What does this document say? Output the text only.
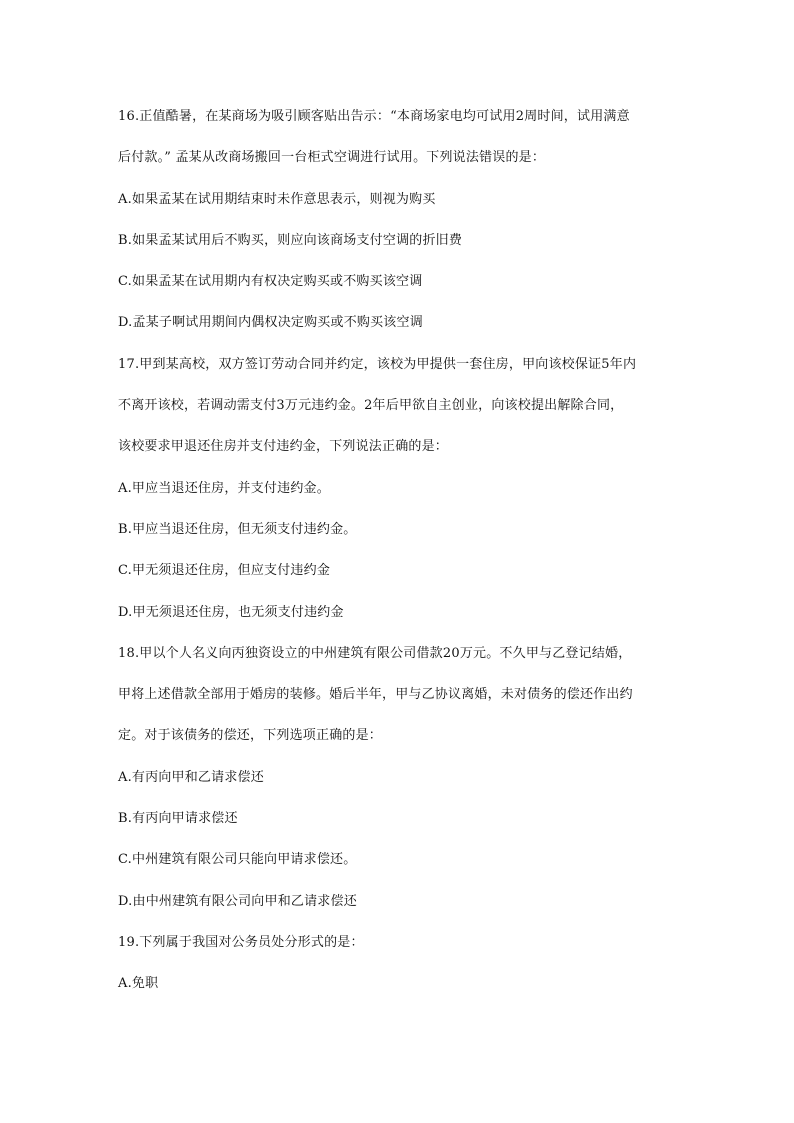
16.正值酷暑，在某商场为吸引顾客贴出告示：“本商场家电均可试用2周时间，试用满意
后付款。” 孟某从改商场搬回一台柜式空调进行试用。下列说法错误的是：
A.如果孟某在试用期结束时未作意思表示，则视为购买
B.如果孟某试用后不购买，则应向该商场支付空调的折旧费
C.如果孟某在试用期内有权决定购买或不购买该空调
D.孟某子啊试用期间内偶权决定购买或不购买该空调
17.甲到某高校，双方签订劳动合同并约定，该校为甲提供一套住房，甲向该校保证5年内
不离开该校，若调动需支付3万元违约金。2年后甲欲自主创业，向该校提出解除合同，
该校要求甲退还住房并支付违约金，下列说法正确的是：
A.甲应当退还住房，并支付违约金。
B.甲应当退还住房，但无须支付违约金。
C.甲无须退还住房，但应支付违约金
D.甲无须退还住房，也无须支付违约金
18.甲以个人名义向丙独资设立的中州建筑有限公司借款20万元。不久甲与乙登记结婚，
甲将上述借款全部用于婚房的装修。婚后半年，甲与乙协议离婚，未对债务的偿还作出约
定。对于该债务的偿还，下列选项正确的是：
A.有丙向甲和乙请求偿还
B.有丙向甲请求偿还
C.中州建筑有限公司只能向甲请求偿还。
D.由中州建筑有限公司向甲和乙请求偿还
19.下列属于我国对公务员处分形式的是：
A.免职
